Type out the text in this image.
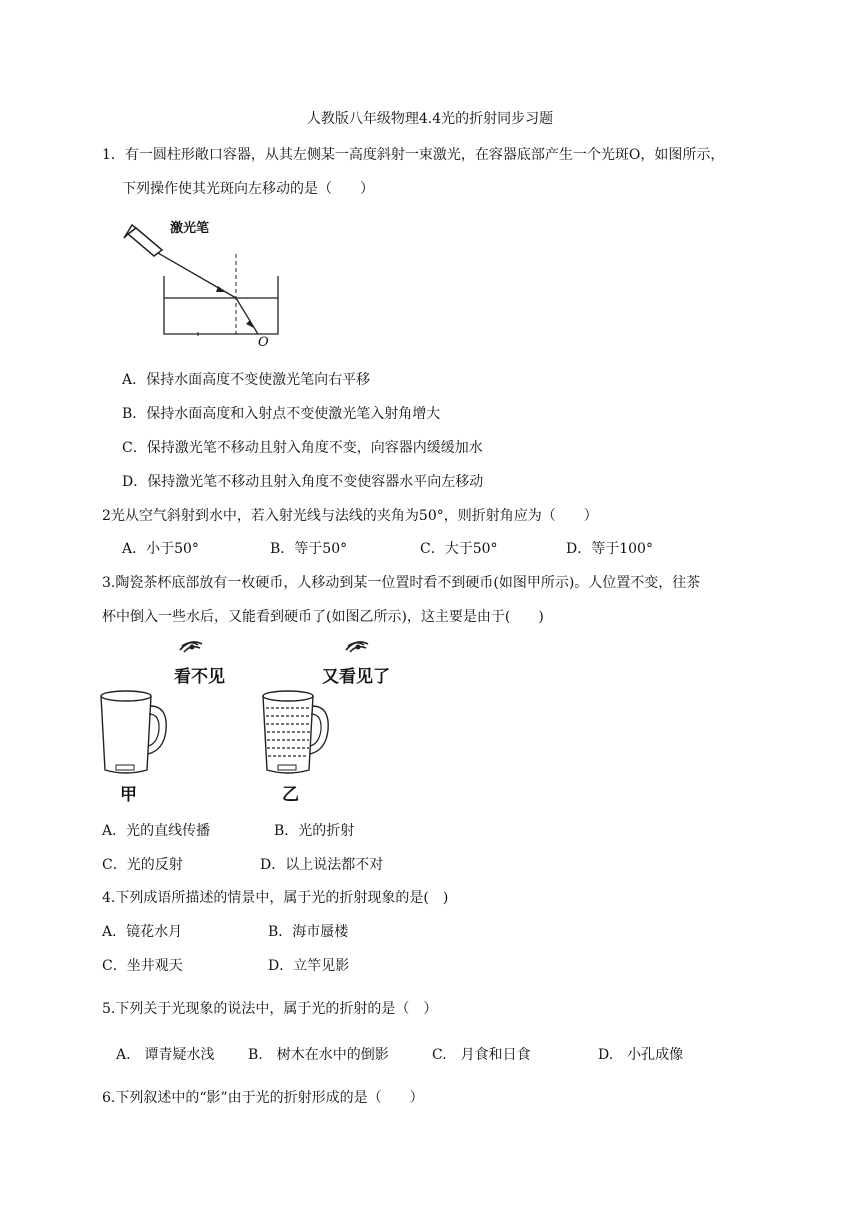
人教版八年级物理4.4光的折射同步习题
1．有一圆柱形敞口容器，从其左侧某一高度斜射一束激光，在容器底部产生一个光斑O，如图所示，
下列操作使其光斑向左移动的是（　　）
激光笔
O
A．保持水面高度不变使激光笔向右平移
B．保持水面高度和入射点不变使激光笔入射角增大
C．保持激光笔不移动且射入角度不变，向容器内缓缓加水
D．保持激光笔不移动且射入角度不变使容器水平向左移动
2光从空气斜射到水中，若入射光线与法线的夹角为50°，则折射角应为（　　）
A．小于50°	B．等于50°	C．大于50°	D．等于100°
3.陶瓷茶杯底部放有一枚硬币，人移动到某一位置时看不到硬币(如图甲所示)。人位置不变，往茶
杯中倒入一些水后，又能看到硬币了(如图乙所示)，这主要是由于(　　)
看不见	又看见了
甲	乙
A．光的直线传播	B．光的折射
C．光的反射	D．以上说法都不对
4.下列成语所描述的情景中，属于光的折射现象的是(　)
A．镜花水月	B．海市蜃楼
C．坐井观天	D．立竿见影
5.下列关于光现象的说法中，属于光的折射的是（　）
A.　谭青疑水浅 B.　树木在水中的倒影	C.　月食和日食	D.　小孔成像
6.下列叙述中的“影”由于光的折射形成的是（　　）
